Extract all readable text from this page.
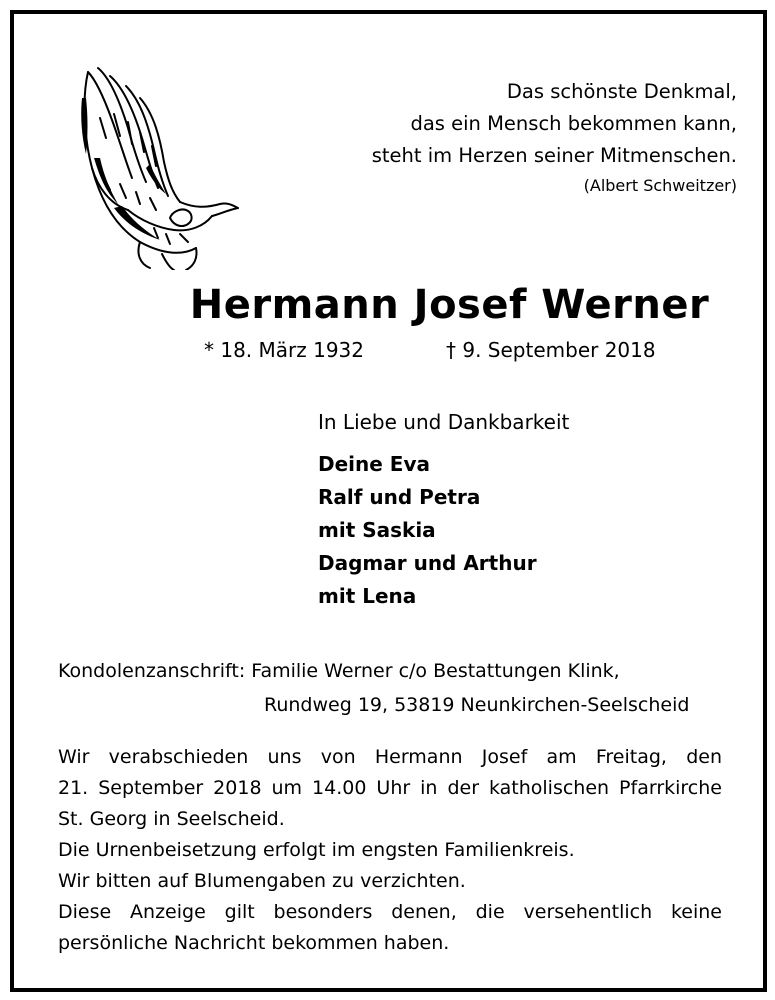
Das schönste Denkmal,
das ein Mensch bekommen kann,
steht im Herzen seiner Mitmenschen.
(Albert Schweitzer)
Hermann Josef Werner
* 18. März 1932	† 9. September 2018
In Liebe und Dankbarkeit
Deine Eva
Ralf und Petra
mit Saskia
Dagmar und Arthur
mit Lena
Kondolenzanschrift: Familie Werner c/o Bestattungen Klink,
Rundweg 19, 53819 Neunkirchen-Seelscheid
Wir verabschieden uns von Hermann Josef am Freitag, den
21. September 2018 um 14.00 Uhr in der katholischen Pfarrkirche
St. Georg in Seelscheid.
Die Urnenbeisetzung erfolgt im engsten Familienkreis.
Wir bitten auf Blumengaben zu verzichten.
Diese Anzeige gilt besonders denen, die versehentlich keine
persönliche Nachricht bekommen haben.
